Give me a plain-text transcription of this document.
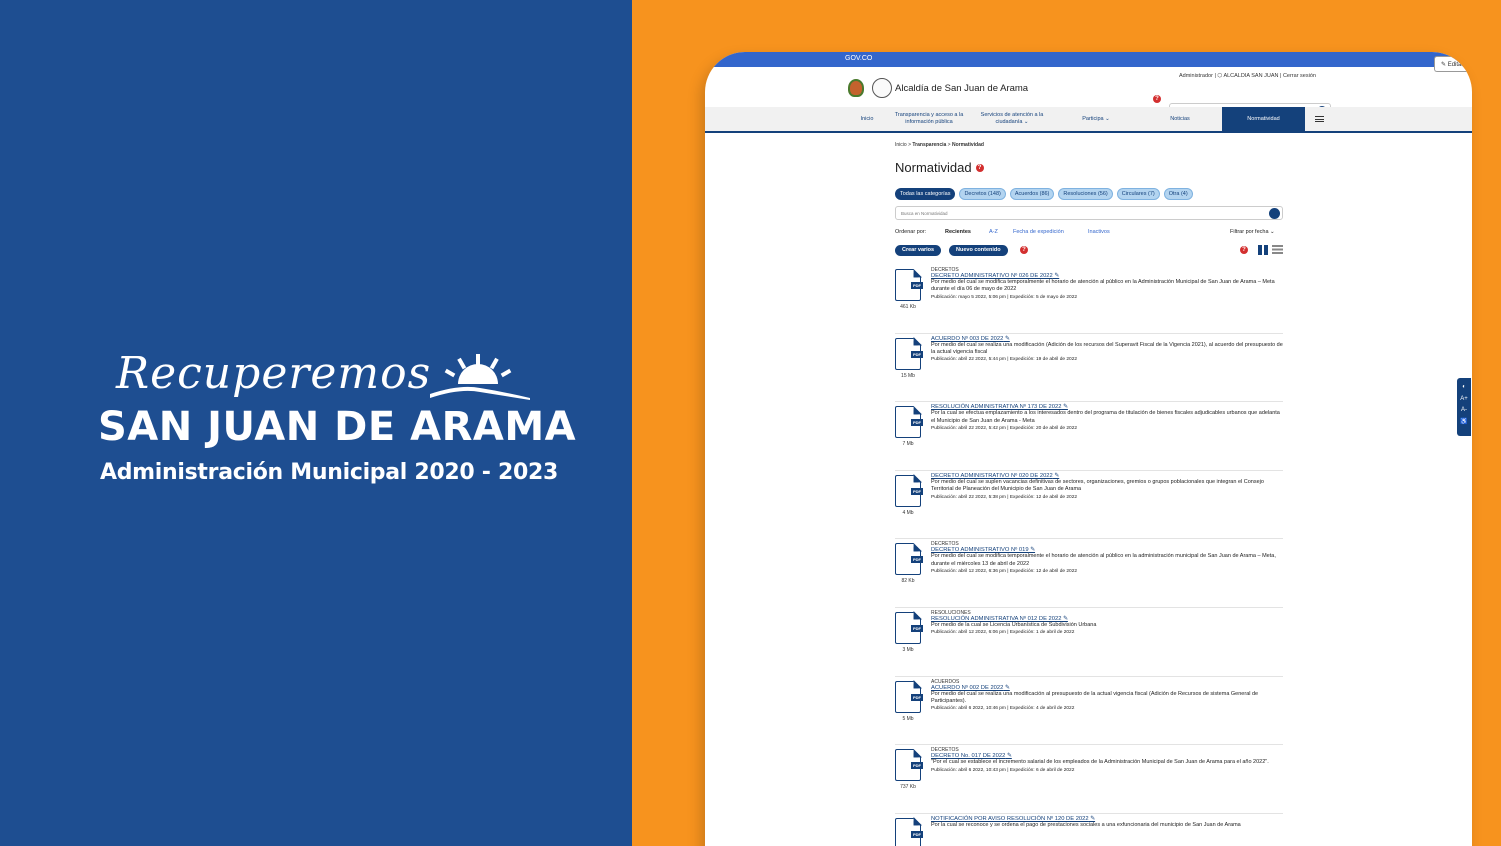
Recuperemos
SAN JUAN DE ARAMA
Administración Municipal 2020 - 2023
GOV.CO
✎ Editar
Alcaldía de San Juan de Arama
Administrador | ⬡ ALCALDIA SAN JUAN | Cerrar sesión
?
Inicio
Transparencia y acceso a la información pública
Servicios de atención a la ciudadanía ⌄
Participa ⌄	Noticias	Normatividad
Inicio > Transparencia > Normatividad
Normatividad	?
Todas las categorías	Decretos (148)	Acuerdos (86)	Resoluciones (56)	Circulares (7)	Otra (4)
Busca en Normatividad
Ordenar por:	Recientes	A-Z	Fecha de expedición	Inactivos	Filtrar por fecha ⌄
Crear varios	Nuevo contenido	?	?
PDF
461 Kb
DECRETOS
DECRETO ADMINISTRATIVO Nº 026 DE 2022 ✎
Por medio del cual se modifica temporalmente el horario de atención al público en la Administración Municipal de San Juan de Arama – Meta durante el día 06 de mayo de 2022
Publicación: mayo 5 2022, 5:06 pm | Expedición: 5 de mayo de 2022
PDF
15 Mb
ACUERDO Nº 003 DE 2022 ✎
Por medio del cual se realiza una modificación (Adición de los recursos del Superavit Fiscal de la Vigencia 2021), al acuerdo del presupuesto de la actual vigencia fiscal
Publicación: abril 22 2022, 5:44 pm | Expedición: 19 de abril de 2022
PDF
7 Mb
RESOLUCIÓN ADMINISTRATIVA Nº 173 DE 2022 ✎
Por la cual se efectua emplazamiento a los interesados dentro del programa de titulación de bienes fiscales adjudicables urbanos que adelanta el Municipio de San Juan de Arama - Meta
Publicación: abril 22 2022, 5:42 pm | Expedición: 20 de abril de 2022
PDF
4 Mb
DECRETO ADMINISTRATIVO Nº 020 DE 2022 ✎
Por medio del cual se suplen vacancias definitivas de sectores, organizaciones, gremios o grupos poblacionales que integran el Consejo Territorial de Planeación del Municipio de San Juan de Arama
Publicación: abril 22 2022, 5:38 pm | Expedición: 12 de abril de 2022
PDF
82 Kb
DECRETOS
DECRETO ADMINISTRATIVO Nº 019 ✎
Por medio del cual se modifica temporalmente el horario de atención al público en la administración municipal de San Juan de Arama – Meta, durante el miércoles 13 de abril de 2022
Publicación: abril 12 2022, 6:36 pm | Expedición: 12 de abril de 2022
PDF
3 Mb
RESOLUCIONES
RESOLUCIÓN ADMINISTRATIVA Nº 012 DE 2022 ✎
Por medio de la cual se Licencia Urbanística de Subdivisión Urbana
Publicación: abril 12 2022, 6:06 pm | Expedición: 1 de abril de 2022
PDF
5 Mb
ACUERDOS
ACUERDO Nº 002 DE 2022 ✎
Por medio del cual se realiza una modificación al presupuesto de la actual vigencia fiscal (Adición de Recursos de sistema General de Participantes).
Publicación: abril 6 2022, 10:46 pm | Expedición: 4 de abril de 2022
PDF
737 Kb
DECRETOS
DECRETO No. 017 DE 2022 ✎
"Por el cual se establece el incremento salarial de los empleados de la Administración Municipal de San Juan de Arama para el año 2022".
Publicación: abril 6 2022, 10:43 pm | Expedición: 6 de abril de 2022
PDF
NOTIFICACIÓN POR AVISO RESOLUCIÓN Nº 120 DE 2022 ✎
Por la cual se reconoce y se ordena el pago de prestaciones sociales a una exfuncionaria del municipio de San Juan de Arama
◐
A+
A-
♿
